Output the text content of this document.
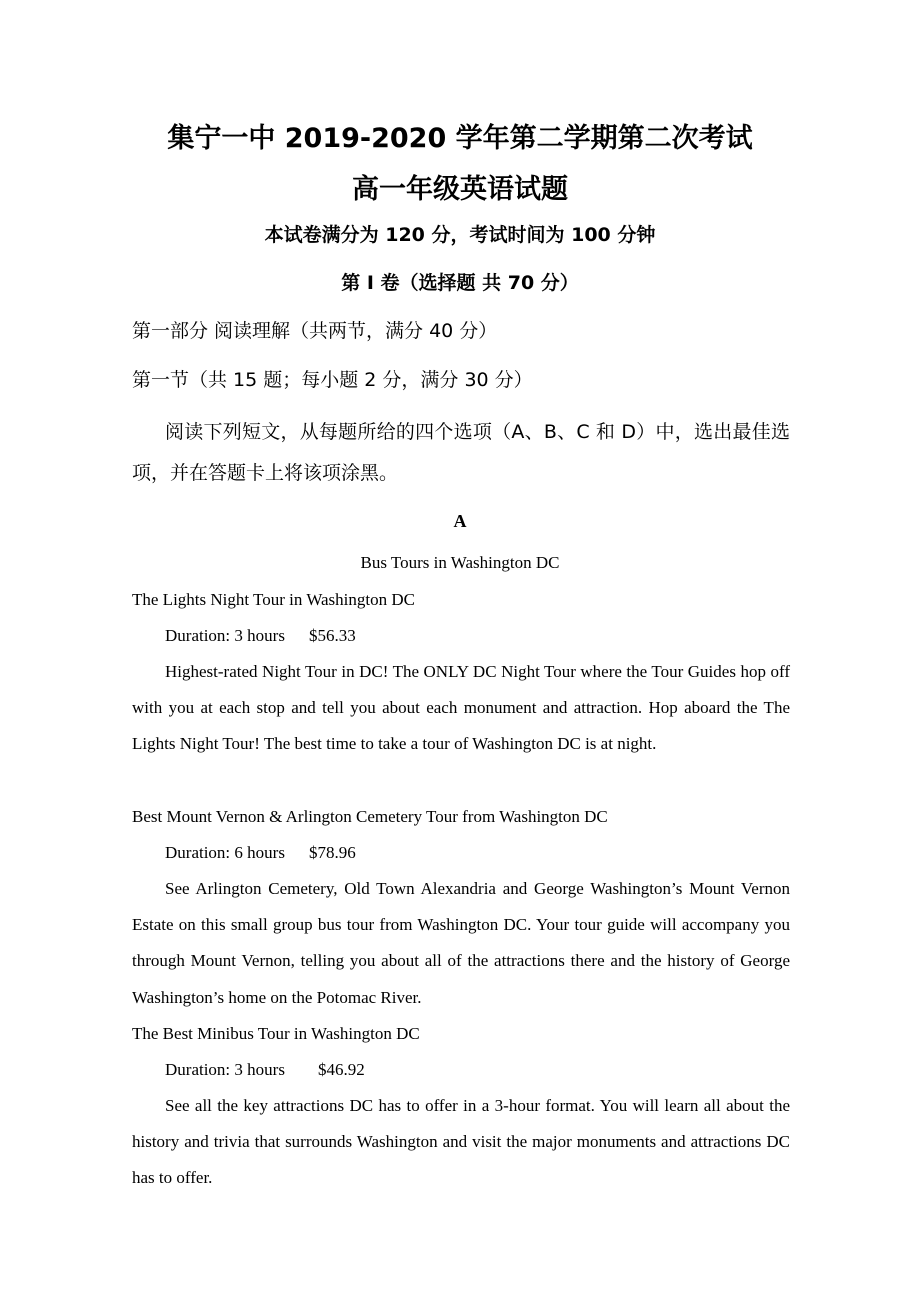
集宁一中 2019-2020 学年第二学期第二次考试
高一年级英语试题
本试卷满分为 120 分，考试时间为 100 分钟
第 I 卷（选择题 共 70 分）
第一部分 阅读理解（共两节，满分 40 分）
第一节（共 15 题；每小题 2 分，满分 30 分）
阅读下列短文，从每题所给的四个选项（A、B、C 和 D）中，选出最佳选项，并在答题卡上将该项涂黑。
A
Bus Tours in Washington DC
The Lights Night Tour in Washington DC
Duration: 3 hours $56.33
Highest-rated Night Tour in DC! The ONLY DC Night Tour where the Tour Guides hop off with you at each stop and tell you about each monument and attraction. Hop aboard the The Lights Night Tour! The best time to take a tour of Washington DC is at night.
Best Mount Vernon & Arlington Cemetery Tour from Washington DC
Duration: 6 hours $78.96
See Arlington Cemetery, Old Town Alexandria and George Washington’s Mount Vernon Estate on this small group bus tour from Washington DC. Your tour guide will accompany you through Mount Vernon, telling you about all of the attractions there and the history of George Washington’s home on the Potomac River.
The Best Minibus Tour in Washington DC
Duration: 3 hours $46.92
See all the key attractions DC has to offer in a 3-hour format. You will learn all about the history and trivia that surrounds Washington and visit the major monuments and attractions DC has to offer.
